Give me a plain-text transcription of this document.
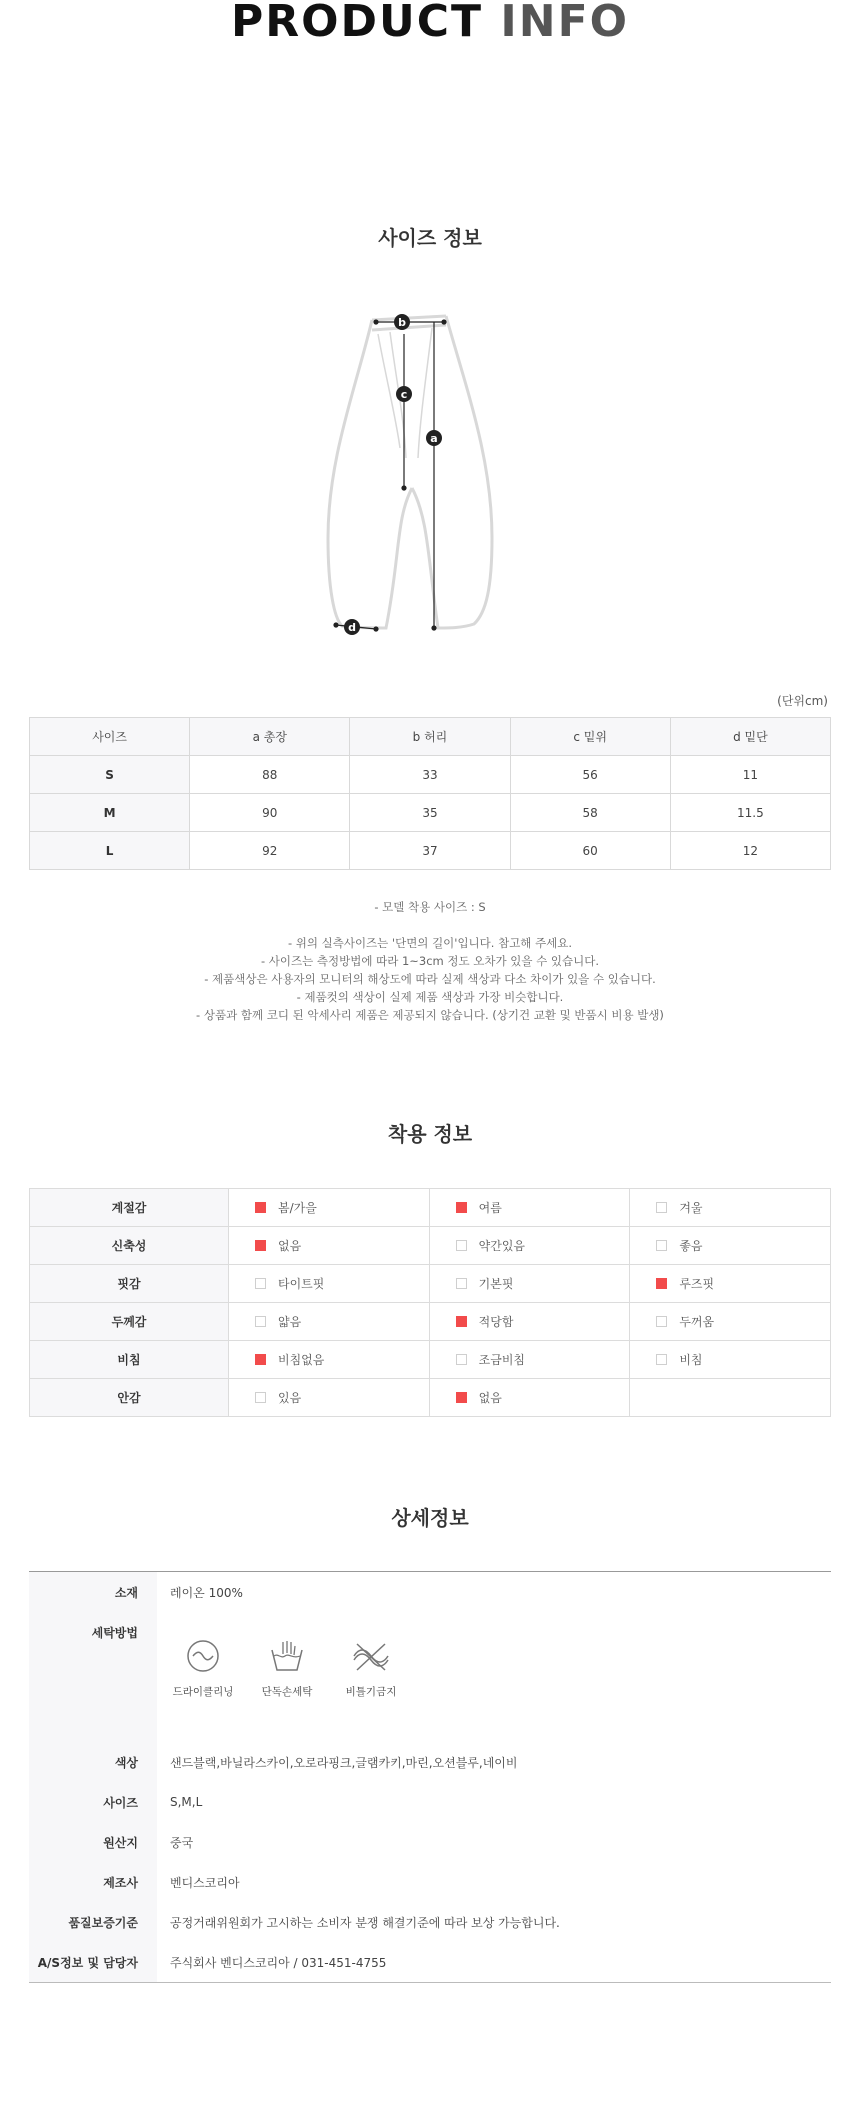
PRODUCT INFO
사이즈 정보
b
c
a
d
(단위cm)
사이즈	a 총장	b 허리	c 밑위	d 밑단
S	88	33	56	11
M	90	35	58	11.5
L	92	37	60	12
- 모델 착용 사이즈 : S
- 위의 실측사이즈는 '단면의 길이'입니다. 참고해 주세요.
- 사이즈는 측정방법에 따라 1~3cm 정도 오차가 있을 수 있습니다.
- 제품색상은 사용자의 모니터의 해상도에 따라 실제 색상과 다소 차이가 있을 수 있습니다.
- 제품컷의 색상이 실제 제품 색상과 가장 비슷합니다.
- 상품과 함께 코디 된 악세사리 제품은 제공되지 않습니다. (상기건 교환 및 반품시 비용 발생)
착용 정보
계절감	봄/가을	여름	겨울
신축성	없음	약간있음	좋음
핏감	타이트핏	기본핏	루즈핏
두께감	얇음	적당함	두꺼움
비침	비침없음	조금비침	비침
안감	있음	없음	
상세정보
소재	레이온 100%
세탁방법	드라이클리닝 단독손세탁 비틀기금지

색상	샌드블랙,바닐라스카이,오로라핑크,글램카키,마린,오션블루,네이비
사이즈	S,M,L
원산지	중국
제조사	벤디스코리아
품질보증기준	공정거래위원회가 고시하는 소비자 분쟁 해결기준에 따라 보상 가능합니다.
A/S정보 및 담당자	주식회사 벤디스코리아 / 031-451-4755
